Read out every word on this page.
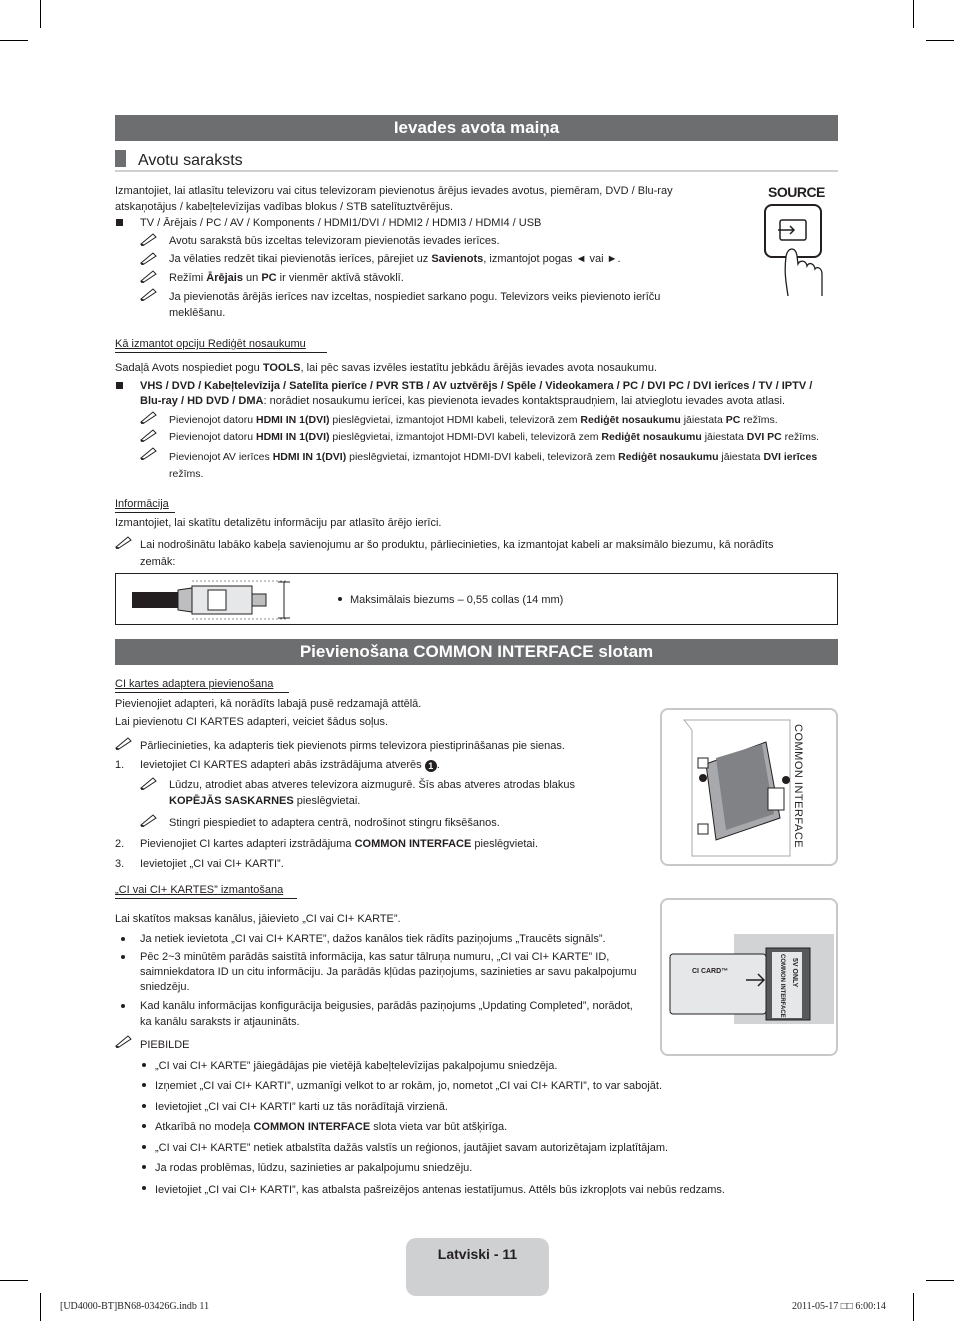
Ievades avota maiņa
Avotu saraksts
Izmantojiet, lai atlasītu televizoru vai citus televizoram pievienotus ārējus ievades avotus, piemēram, DVD / Blu-ray atskaņotājus / kabeļtelevīzijas vadības blokus / STB satelītuztvērējus.
TV / Ārējais / PC / AV / Komponents / HDMI1/DVI / HDMI2 / HDMI3 / HDMI4 / USB
Avotu sarakstā būs izceltas televizoram pievienotās ievades ierīces.
Ja vēlaties redzēt tikai pievienotās ierīces, pārejiet uz Savienots, izmantojot pogas ◄ vai ►.
Režīmi Ārējais un PC ir vienmēr aktīvā stāvoklī.
Ja pievienotās ārējās ierīces nav izceltas, nospiediet sarkano pogu. Televizors veiks pievienoto ierīču meklēšanu.
SOURCE
Kā izmantot opciju Rediģēt nosaukumu
Sadaļā Avots nospiediet pogu TOOLS, lai pēc savas izvēles iestatītu jebkādu ārējās ievades avota nosaukumu.
VHS / DVD / Kabeļtelevīzija / Satelīta pierīce / PVR STB / AV uztvērējs / Spēle / Videokamera / PC / DVI PC / DVI ierīces / TV / IPTV /
Blu-ray / HD DVD / DMA: norādiet nosaukumu ierīcei, kas pievienota ievades kontaktspraudņiem, lai atvieglotu ievades avota atlasi.
Pievienojot datoru HDMI IN 1(DVI) pieslēgvietai, izmantojot HDMI kabeli, televizorā zem Rediģēt nosaukumu jāiestata PC režīms.
Pievienojot datoru HDMI IN 1(DVI) pieslēgvietai, izmantojot HDMI-DVI kabeli, televizorā zem Rediģēt nosaukumu jāiestata DVI PC režīms.
Pievienojot AV ierīces HDMI IN 1(DVI) pieslēgvietai, izmantojot HDMI-DVI kabeli, televizorā zem Rediģēt nosaukumu jāiestata DVI ierīces
režīms.
Informācija
Izmantojiet, lai skatītu detalizētu informāciju par atlasīto ārējo ierīci.
Lai nodrošinātu labāko kabeļa savienojumu ar šo produktu, pārliecinieties, ka izmantojat kabeli ar maksimālo biezumu, kā norādīts
zemāk:
Maksimālais biezums – 0,55 collas (14 mm)
Pievienošana COMMON INTERFACE slotam
CI kartes adaptera pievienošana
Pievienojiet adapteri, kā norādīts labajā pusē redzamajā attēlā.
Lai pievienotu CI KARTES adapteri, veiciet šādus soļus.
Pārliecinieties, ka adapteris tiek pievienots pirms televizora piestiprināšanas pie sienas.
1. Ievietojiet CI KARTES adapteri abās izstrādājuma atverēs 1 .
Lūdzu, atrodiet abas atveres televizora aizmugurē. Šīs abas atveres atrodas blakus
KOPĒJĀS SASKARNES pieslēgvietai.
Stingri piespiediet to adaptera centrā, nodrošinot stingru fiksēšanos.
2. Pievienojiet CI kartes adapteri izstrādājuma COMMON INTERFACE pieslēgvietai.
3. Ievietojiet „CI vai CI+ KARTI”.
COMMON INTERFACE
„CI vai CI+ KARTES” izmantošana
Lai skatītos maksas kanālus, jāievieto „CI vai CI+ KARTE”.
Ja netiek ievietota „CI vai CI+ KARTE”, dažos kanālos tiek rādīts paziņojums „Traucēts signāls”.
Pēc 2~3 minūtēm parādās saistītā informācija, kas satur tālruņa numuru, „CI vai CI+ KARTE” ID,
saimniekdatora ID un citu informāciju. Ja parādās kļūdas paziņojums, sazinieties ar savu pakalpojumu
sniedzēju.
Kad kanālu informācijas konfigurācija beigusies, parādās paziņojums „Updating Completed”, norādot,
ka kanālu saraksts ir atjaunināts.
CI CARD™	COMMON INTERFACE 5V ONLY
PIEBILDE
„CI vai CI+ KARTE” jāiegādājas pie vietējā kabeļtelevīzijas pakalpojumu sniedzēja.
Izņemiet „CI vai CI+ KARTI”, uzmanīgi velkot to ar rokām, jo, nometot „CI vai CI+ KARTI”, to var sabojāt.
Ievietojiet „CI vai CI+ KARTI” karti uz tās norādītajā virzienā.
Atkarībā no modeļa COMMON INTERFACE slota vieta var būt atšķirīga.
„CI vai CI+ KARTE” netiek atbalstīta dažās valstīs un reģionos, jautājiet savam autorizētajam izplatītājam.
Ja rodas problēmas, lūdzu, sazinieties ar pakalpojumu sniedzēju.
Ievietojiet „CI vai CI+ KARTI”, kas atbalsta pašreizējos antenas iestatījumus. Attēls būs izkropļots vai nebūs redzams.
Latviski - 11
[UD4000-BT]BN68-03426G.indb 11	2011-05-17 □□ 6:00:14
